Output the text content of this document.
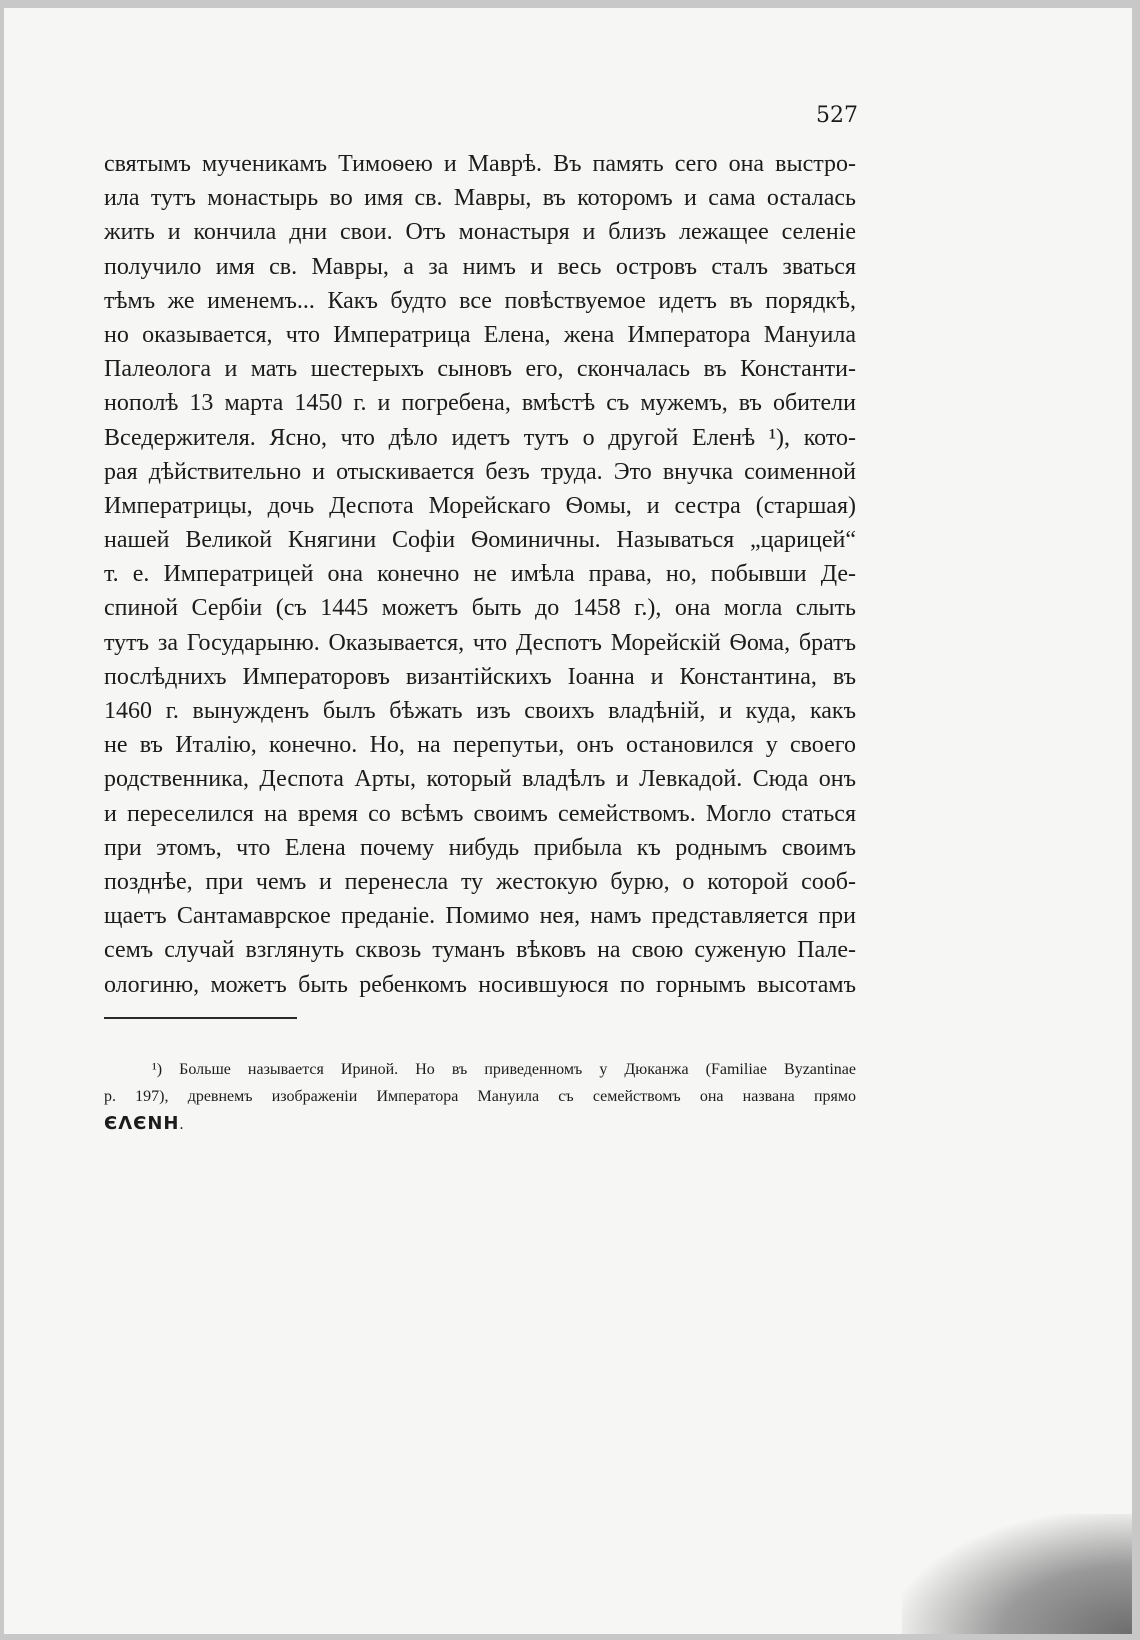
527

святымъ мученикамъ Тимоѳею и Маврѣ. Въ память сего она выстро-
ила тутъ монастырь во имя св. Мавры, въ которомъ и сама осталась
жить и кончила дни свои. Отъ монастыря и близъ лежащее селеніе
получило имя св. Мавры, а за нимъ и весь островъ сталъ зваться
тѣмъ же именемъ... Какъ будто все повѣствуемое идетъ въ порядкѣ,
но оказывается, что Императрица Елена, жена Императора Мануила
Палеолога и мать шестерыхъ сыновъ его, скончалась въ Константи-
нополѣ 13 марта 1450 г. и погребена, вмѣстѣ съ мужемъ, въ обители
Вседержителя. Ясно, что дѣло идетъ тутъ о другой Еленѣ ¹), кото-
рая дѣйствительно и отыскивается безъ труда. Это внучка соименной
Императрицы, дочь Деспота Морейскаго Ѳомы, и сестра (старшая)
нашей Великой Княгини Софіи Ѳоминичны. Называться „царицей“
т. е. Императрицей она конечно не имѣла права, но, побывши Де-
спиной Сербіи (съ 1445 можетъ быть до 1458 г.), она могла слыть
тутъ за Государыню. Оказывается, что Деспотъ Морейскій Ѳома, братъ
послѣднихъ Императоровъ византійскихъ Іоанна и Константина, въ
1460 г. вынужденъ былъ бѣжать изъ своихъ владѣній, и куда, какъ
не въ Италію, конечно. Но, на перепутьи, онъ остановился у своего
родственника, Деспота Арты, который владѣлъ и Левкадой. Сюда онъ
и переселился на время со всѣмъ своимъ семействомъ. Могло статься
при этомъ, что Елена почему нибудь прибыла къ роднымъ своимъ
позднѣе, при чемъ и перенесла ту жестокую бурю, о которой сооб-
щаетъ Сантамаврское преданіе. Помимо нея, намъ представляется при
семъ случай взглянуть сквозь туманъ вѣковъ на свою суженую Пале-
ологиню, можетъ быть ребенкомъ носившуюся по горнымъ высотамъ
¹) Больше называется Ириной. Но въ приведенномъ у Дюканжа (Familiae Byzantinae
p. 197), древнемъ изображеніи Императора Мануила съ семействомъ она названа прямо
ЄΛЄΝΗ.
